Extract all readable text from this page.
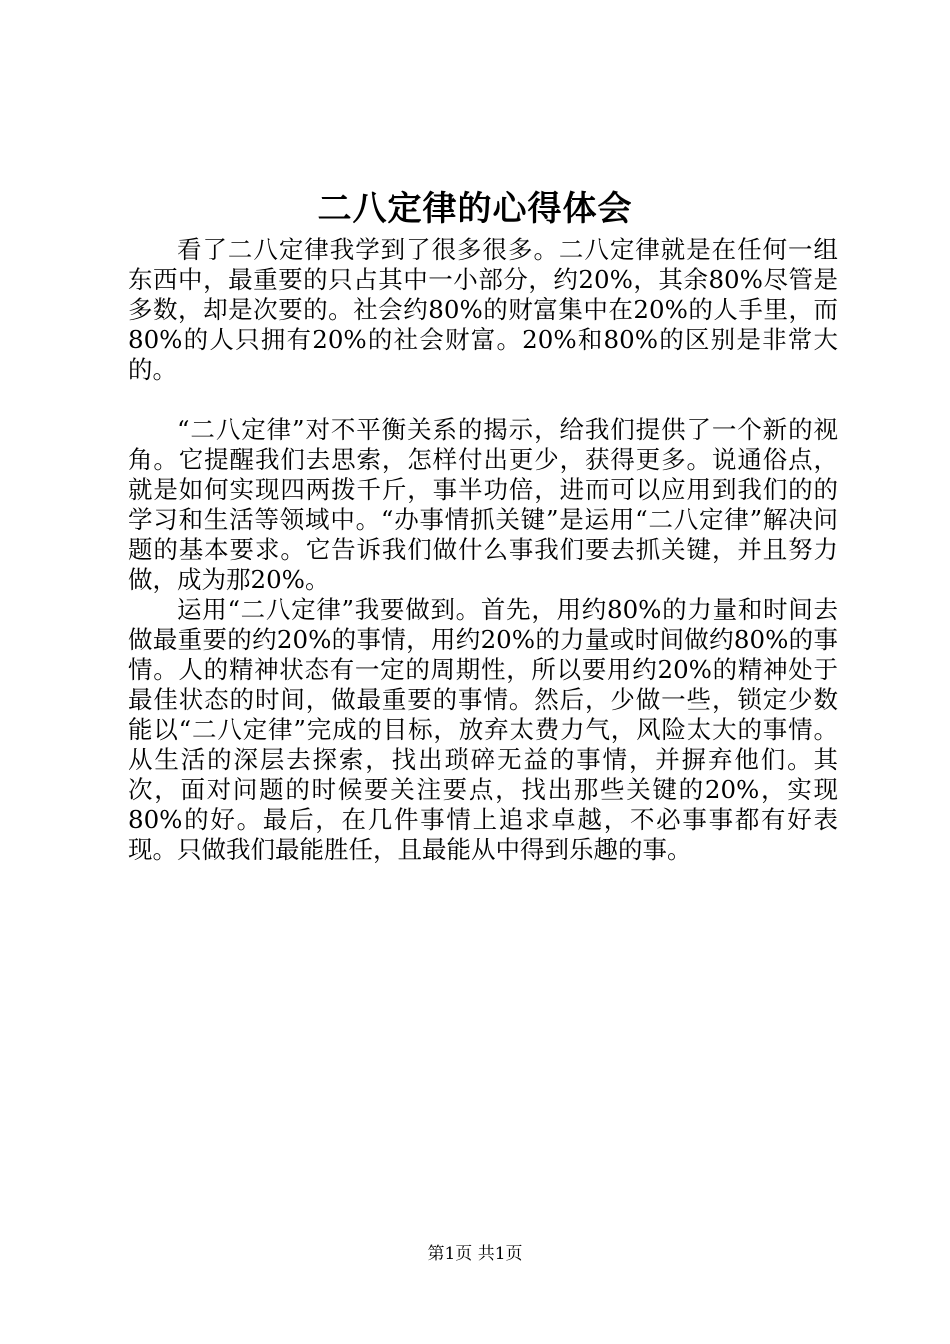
二八定律的心得体会

看了二八定律我学到了很多很多。二八定律就是在任何一组东西中，最重要的只占其中一小部分，约20%，其余80%尽管是多数，却是次要的。社会约80%的财富集中在20%的人手里，而80%的人只拥有20%的社会财富。20%和80%的区别是非常大的。

“二八定律”对不平衡关系的揭示，给我们提供了一个新的视角。它提醒我们去思索，怎样付出更少，获得更多。说通俗点，就是如何实现四两拨千斤，事半功倍，进而可以应用到我们的的学习和生活等领域中。“办事情抓关键”是运用“二八定律”解决问题的基本要求。它告诉我们做什么事我们要去抓关键，并且努力做，成为那20%。

运用“二八定律”我要做到。首先，用约80%的力量和时间去做最重要的约20%的事情，用约20%的力量或时间做约80%的事情。人的精神状态有一定的周期性，所以要用约20%的精神处于最佳状态的时间，做最重要的事情。然后，少做一些，锁定少数能以“二八定律”完成的目标，放弃太费力气，风险太大的事情。从生活的深层去探索，找出琐碎无益的事情，并摒弃他们。其次，面对问题的时候要关注要点，找出那些关键的20%，实现80%的好。最后，在几件事情上追求卓越，不必事事都有好表现。只做我们最能胜任，且最能从中得到乐趣的事。

第1页 共1页
